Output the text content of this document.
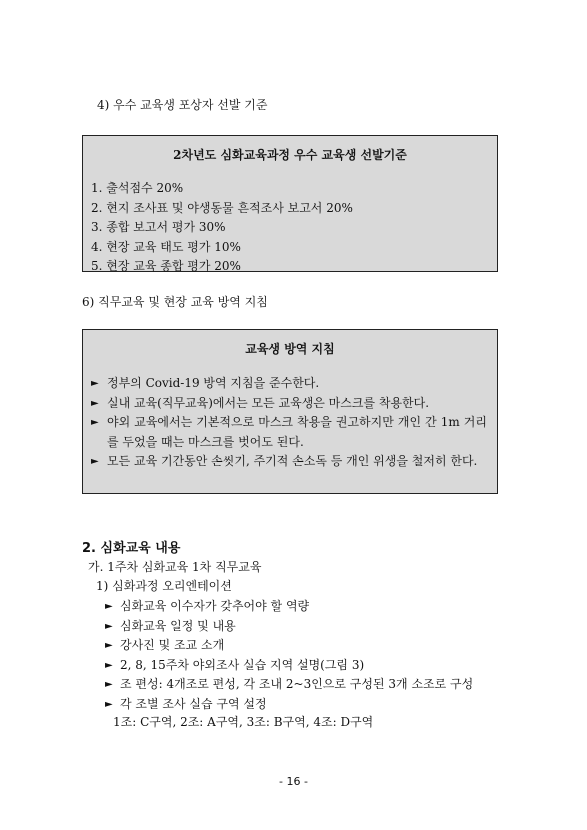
4) 우수 교육생 포상자 선발 기준
2차년도 심화교육과정 우수 교육생 선발기준
1. 출석점수 20%
2. 현지 조사표 및 야생동물 흔적조사 보고서 20%
3. 종합 보고서 평가 30%
4. 현장 교육 태도 평가 10%
5. 현장 교육 종합 평가 20%
6) 직무교육 및 현장 교육 방역 지침
교육생 방역 지침
► 정부의 Covid-19 방역 지침을 준수한다.
► 실내 교육(직무교육)에서는 모든 교육생은 마스크를 착용한다.
► 야외 교육에서는 기본적으로 마스크 착용을 권고하지만 개인 간 1m 거리를 두었을 때는 마스크를 벗어도 된다.
► 모든 교육 기간동안 손씻기, 주기적 손소독 등 개인 위생을 철저히 한다.
2. 심화교육 내용
가. 1주차 심화교육 1차 직무교육
1) 심화과정 오리엔테이션
► 심화교육 이수자가 갖추어야 할 역량
► 심화교육 일정 및 내용
► 강사진 및 조교 소개
► 2, 8, 15주차 야외조사 실습 지역 설명(그림 3)
► 조 편성: 4개조로 편성, 각 조내 2~3인으로 구성된 3개 소조로 구성
► 각 조별 조사 실습 구역 설정
1조: C구역, 2조: A구역, 3조: B구역, 4조: D구역
- 16 -
